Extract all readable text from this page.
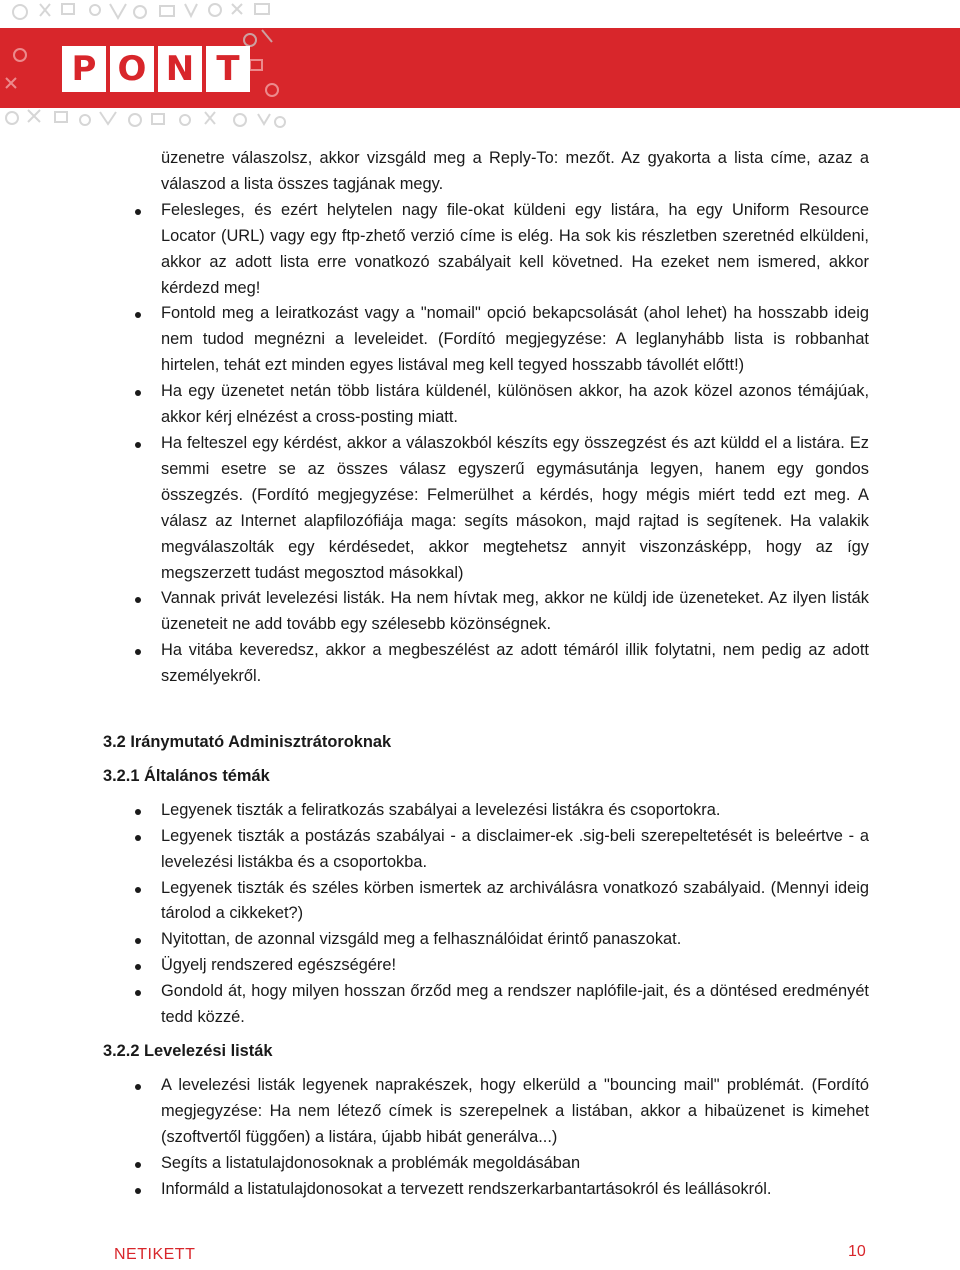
P O N T
üzenetre válaszolsz, akkor vizsgáld meg a Reply-To: mezőt. Az gyakorta a lista címe, azaz a válaszod a lista összes tagjának megy.
Felesleges, és ezért helytelen nagy file-okat küldeni egy listára, ha egy Uniform Resource Locator (URL) vagy egy ftp-zhető verzió címe is elég. Ha sok kis részletben szeretnéd elküldeni, akkor az adott lista erre vonatkozó szabályait kell követned. Ha ezeket nem ismered, akkor kérdezd meg!
Fontold meg a leiratkozást vagy a "nomail" opció bekapcsolását (ahol lehet) ha hosszabb ideig nem tudod megnézni a leveleidet. (Fordító megjegyzése: A leglanyhább lista is robbanhat hirtelen, tehát ezt minden egyes listával meg kell tegyed hosszabb távollét előtt!)
Ha egy üzenetet netán több listára küldenél, különösen akkor, ha azok közel azonos témájúak, akkor kérj elnézést a cross-posting miatt.
Ha felteszel egy kérdést, akkor a válaszokból készíts egy összegzést és azt küldd el a listára. Ez semmi esetre se az összes válasz egyszerű egymásutánja legyen, hanem egy gondos összegzés. (Fordító megjegyzése: Felmerülhet a kérdés, hogy mégis miért tedd ezt meg. A válasz az Internet alapfilozófiája maga: segíts másokon, majd rajtad is segítenek. Ha valakik megválaszolták egy kérdésedet, akkor megtehetsz annyit viszonzásképp, hogy az így megszerzett tudást megosztod másokkal)
Vannak privát levelezési listák. Ha nem hívtak meg, akkor ne küldj ide üzeneteket. Az ilyen listák üzeneteit ne add tovább egy szélesebb közönségnek.
Ha vitába keveredsz, akkor a megbeszélést az adott témáról illik folytatni, nem pedig az adott személyekről.
3.2 Iránymutató Adminisztrátoroknak
3.2.1 Általános témák
Legyenek tiszták a feliratkozás szabályai a levelezési listákra és csoportokra.
Legyenek tiszták a postázás szabályai - a disclaimer-ek .sig-beli szerepeltetését is beleértve - a levelezési listákba és a csoportokba.
Legyenek tiszták és széles körben ismertek az archiválásra vonatkozó szabályaid. (Mennyi ideig tárolod a cikkeket?)
Nyitottan, de azonnal vizsgáld meg a felhasználóidat érintő panaszokat.
Ügyelj rendszered egészségére!
Gondold át, hogy milyen hosszan őrződ meg a rendszer naplófile-jait, és a döntésed eredményét tedd közzé.
3.2.2 Levelezési listák
A levelezési listák legyenek naprakészek, hogy elkerüld a "bouncing mail" problémát. (Fordító megjegyzése: Ha nem létező címek is szerepelnek a listában, akkor a hibaüzenet is kimehet (szoftvertől függően) a listára, újabb hibát generálva...)
Segíts a listatulajdonosoknak a problémák megoldásában
Informáld a listatulajdonosokat a tervezett rendszerkarbantartásokról és leállásokról.
NETIKETT	10
